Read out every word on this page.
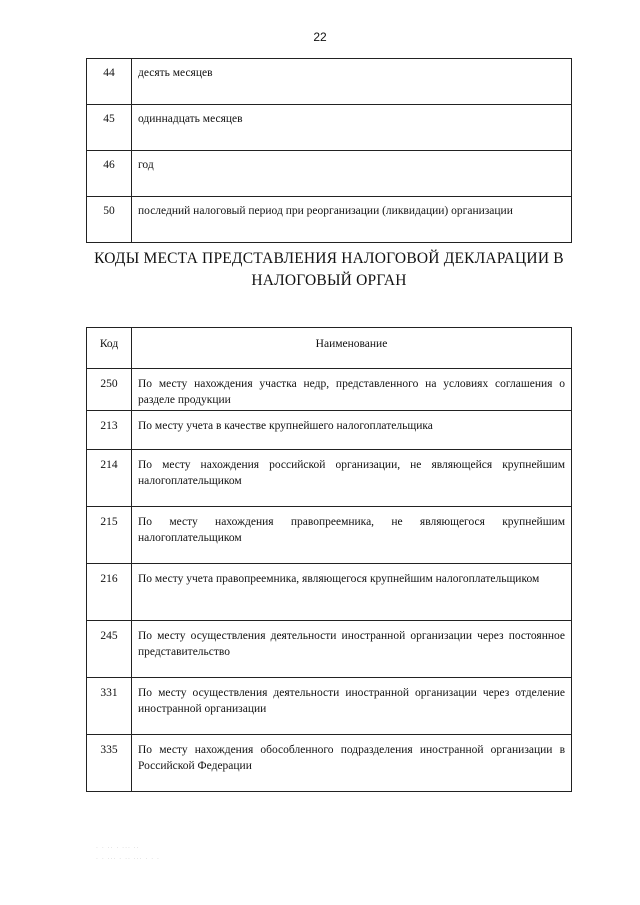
22
44	десять месяцев
45	одиннадцать месяцев
46	год
50	последний налоговый период при реорганизации (ликвидации) организации
КОДЫ МЕСТА ПРЕДСТАВЛЕНИЯ НАЛОГОВОЙ ДЕКЛАРАЦИИ В НАЛОГОВЫЙ ОРГАН
Код	Наименование
250	По месту нахождения участка недр, представленного на условиях соглашения о разделе продукции
213	По месту учета в качестве крупнейшего налогоплательщика
214	По месту нахождения российской организации, не являющейся крупнейшим налогоплательщиком
215	По месту нахождения правопреемника, не являющегося крупнейшим налогоплательщиком
216	По месту учета правопреемника, являющегося крупнейшим налогоплательщиком
245	По месту осуществления деятельности иностранной организации через постоянное представительство
331	По месту осуществления деятельности иностранной организации через отделение иностранной организации
335	По месту нахождения обособленного подразделения иностранной организации в Российской Федерации
· · ·· · ··· ··
· · ··· · ·· ··· · · ·
